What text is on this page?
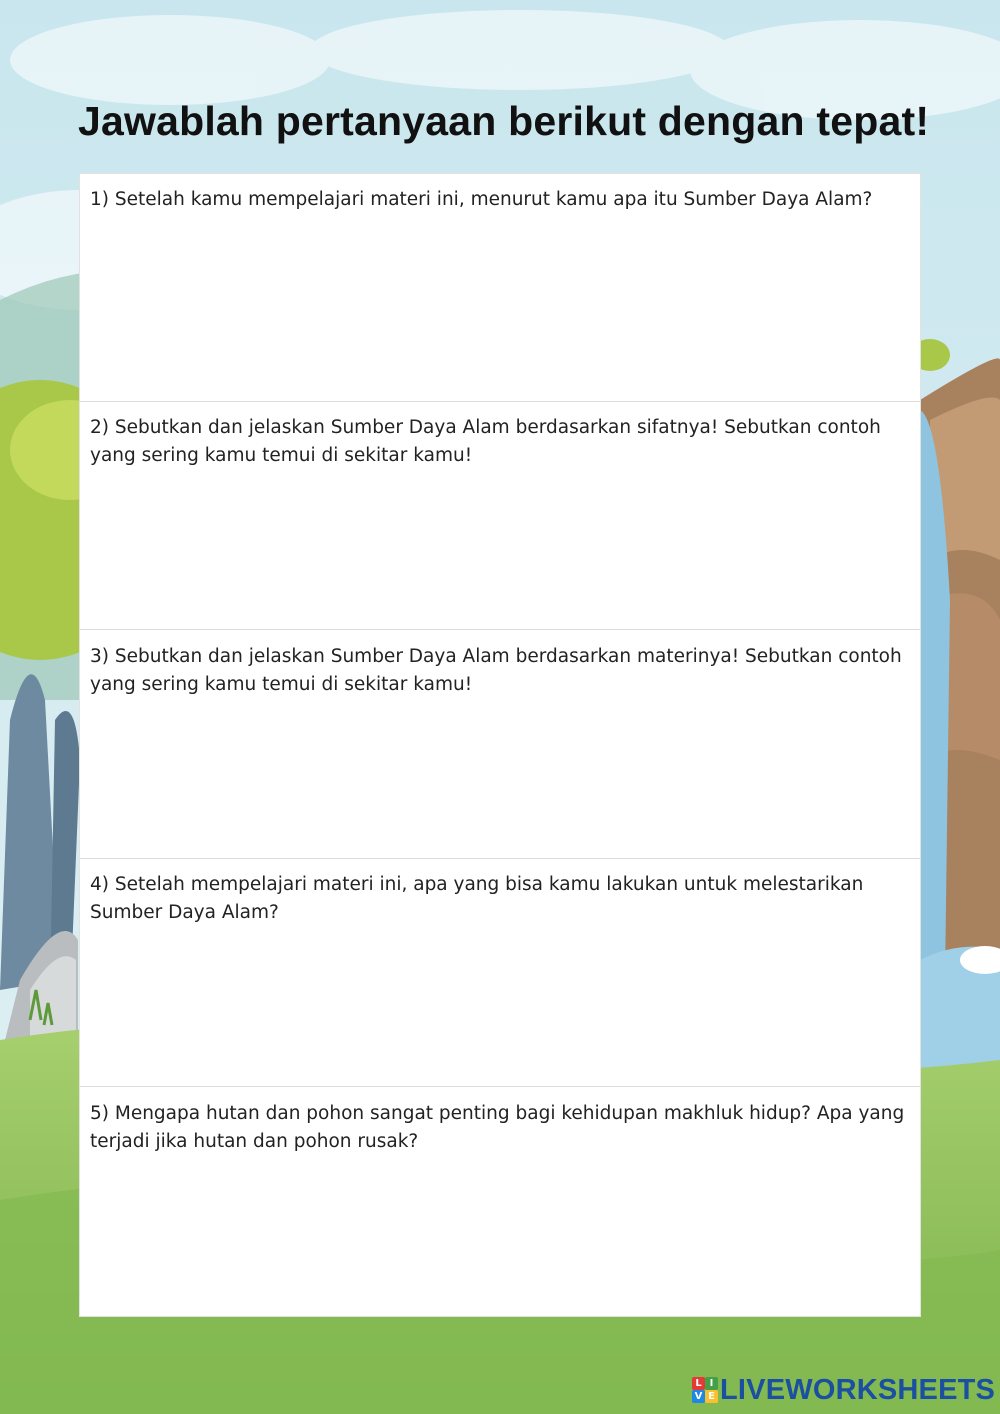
Jawablah pertanyaan berikut dengan tepat!

1) Setelah kamu mempelajari materi ini, menurut kamu apa itu Sumber Daya Alam?

2) Sebutkan dan jelaskan Sumber Daya Alam berdasarkan sifatnya! Sebutkan contoh yang sering kamu temui di sekitar kamu!

3) Sebutkan dan jelaskan Sumber Daya Alam berdasarkan materinya! Sebutkan contoh yang sering kamu temui di sekitar kamu!

4) Setelah mempelajari materi ini, apa yang bisa kamu lakukan untuk melestarikan Sumber Daya Alam?

5) Mengapa hutan dan pohon sangat penting bagi kehidupan makhluk hidup? Apa yang terjadi jika hutan dan pohon rusak?

L I
V E LIVEWORKSHEETS
